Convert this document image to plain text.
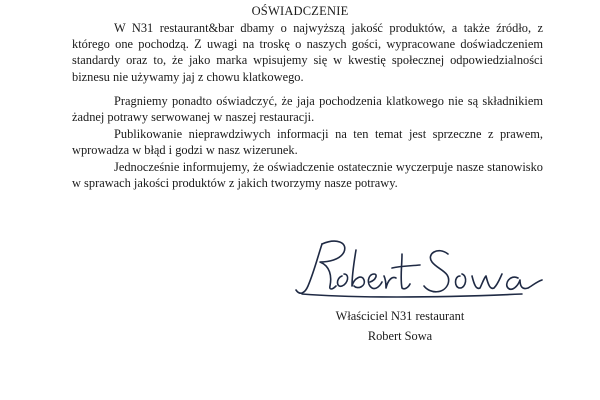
OŚWIADCZENIE

W N31 restaurant&bar dbamy o najwyższą jakość produktów, a także źródło, z którego one pochodzą. Z uwagi na troskę o naszych gości, wypracowane doświadczeniem standardy oraz to, że jako marka wpisujemy się w kwestię społecznej odpowiedzialności biznesu nie używamy jaj z chowu klatkowego.

Pragniemy ponadto oświadczyć, że jaja pochodzenia klatkowego nie są składnikiem żadnej potrawy serwowanej w naszej restauracji.

Publikowanie nieprawdziwych informacji na ten temat jest sprzeczne z prawem, wprowadza w błąd i godzi w nasz wizerunek.

Jednocześnie informujemy, że oświadczenie ostatecznie wyczerpuje nasze stanowisko w sprawach jakości produktów z jakich tworzymy nasze potrawy.

Właściciel N31 restaurant
Robert Sowa
